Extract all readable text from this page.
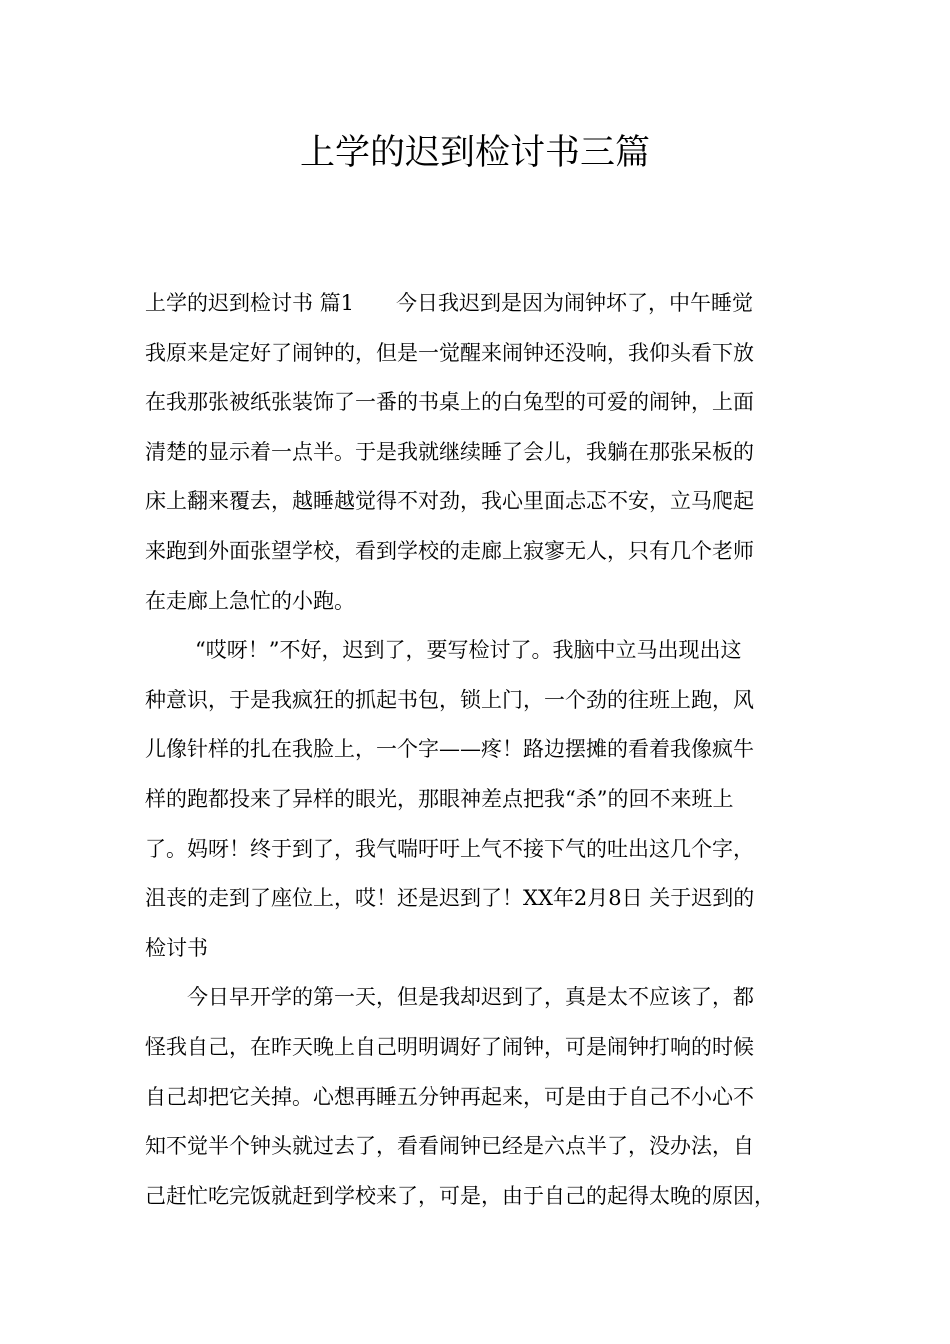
上学的迟到检讨书三篇
上学的迟到检讨书 篇1　　今日我迟到是因为闹钟坏了，中午睡觉
我原来是定好了闹钟的，但是一觉醒来闹钟还没响，我仰头看下放
在我那张被纸张装饰了一番的书桌上的白兔型的可爱的闹钟，上面
清楚的显示着一点半。于是我就继续睡了会儿，我躺在那张呆板的
床上翻来覆去，越睡越觉得不对劲，我心里面忐忑不安，立马爬起
来跑到外面张望学校，看到学校的走廊上寂寥无人，只有几个老师
在走廊上急忙的小跑。
“哎呀！”不好，迟到了，要写检讨了。我脑中立马出现出这
种意识，于是我疯狂的抓起书包，锁上门，一个劲的往班上跑，风
儿像针样的扎在我脸上，一个字——疼！路边摆摊的看着我像疯牛
样的跑都投来了异样的眼光，那眼神差点把我“杀”的回不来班上
了。妈呀！终于到了，我气喘吁吁上气不接下气的吐出这几个字，
沮丧的走到了座位上，哎！还是迟到了！XX年2月8日 关于迟到的
检讨书
今日早开学的第一天，但是我却迟到了，真是太不应该了，都
怪我自己，在昨天晚上自己明明调好了闹钟，可是闹钟打响的时候
自己却把它关掉。心想再睡五分钟再起来，可是由于自己不小心不
知不觉半个钟头就过去了，看看闹钟已经是六点半了，没办法，自
己赶忙吃完饭就赶到学校来了，可是，由于自己的起得太晚的原因，
